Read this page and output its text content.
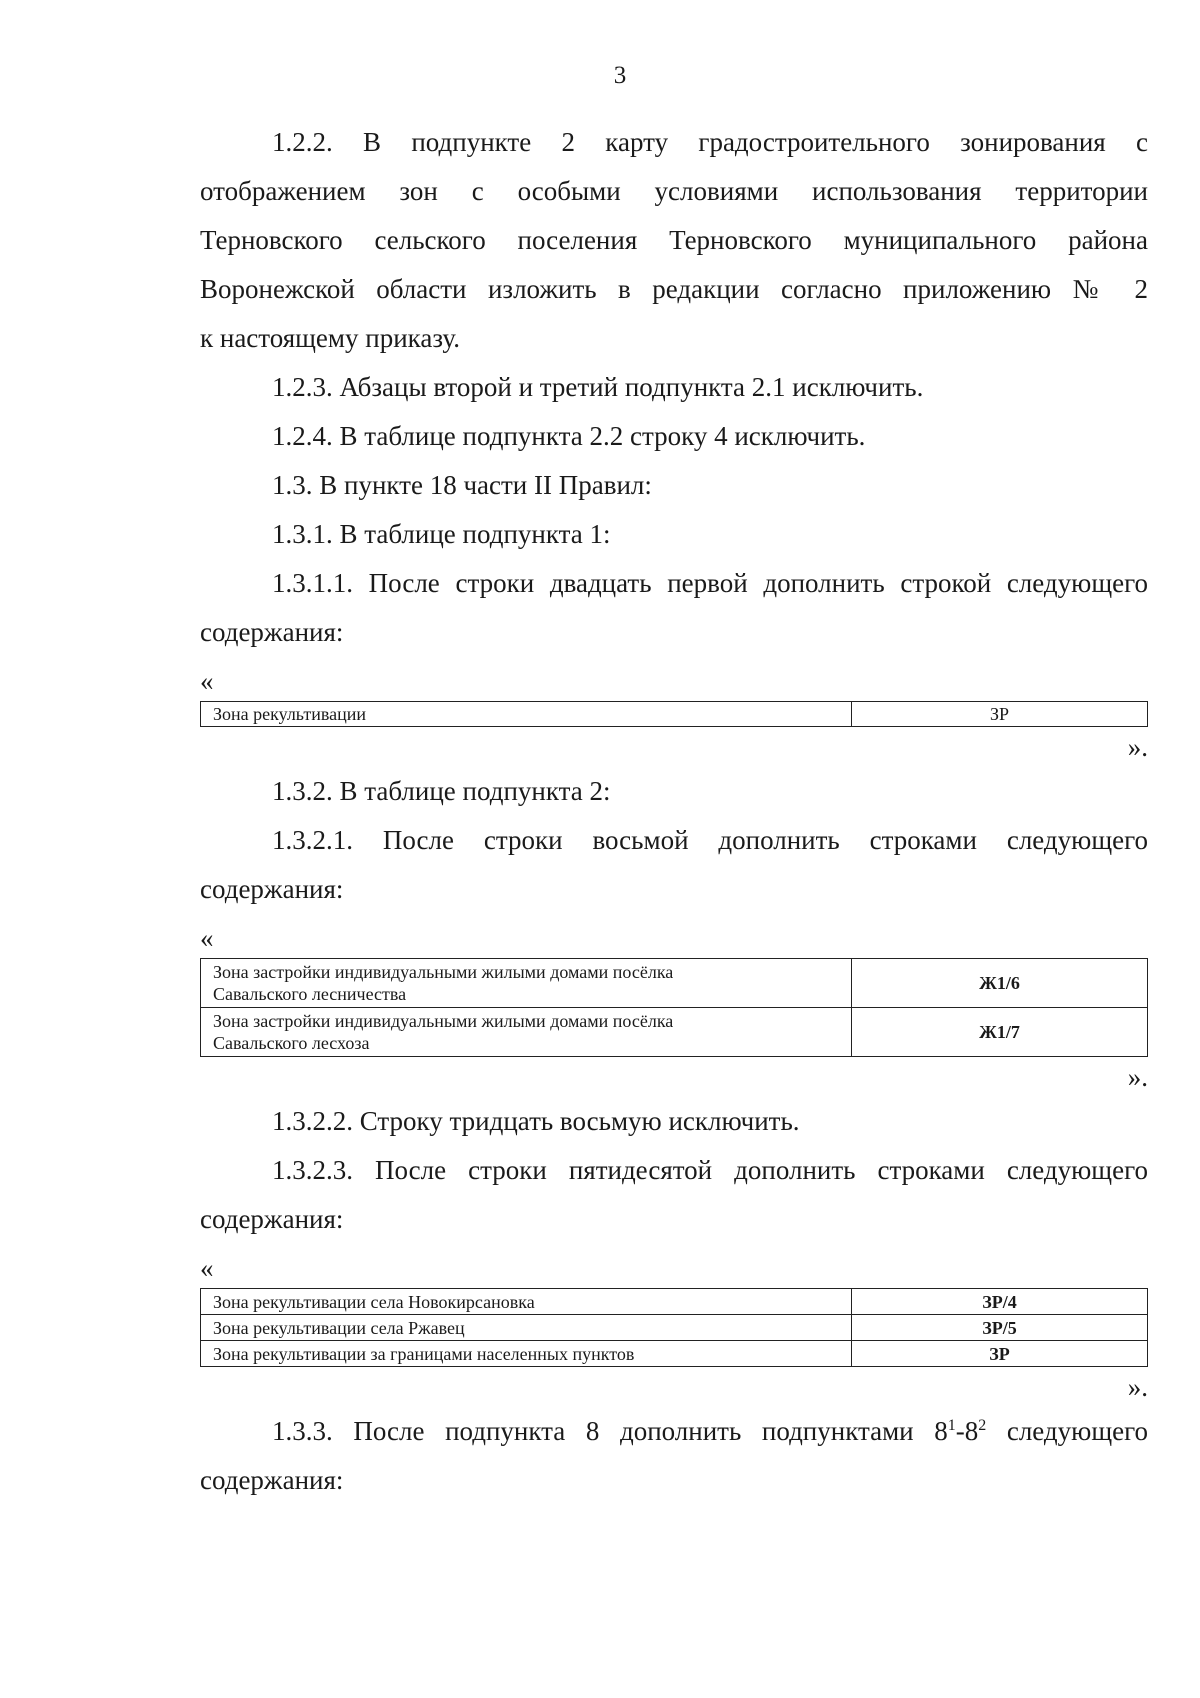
3

1.2.2. В подпункте 2 карту градостроительного зонирования с

отображением зон с особыми условиями использования территории

Терновского сельского поселения Терновского муниципального района

Воронежской области изложить в редакции согласно приложению № 2

к настоящему приказу.

1.2.3. Абзацы второй и третий подпункта 2.1 исключить.

1.2.4. В таблице подпункта 2.2 строку 4 исключить.

1.3. В пункте 18 части II Правил:

1.3.1. В таблице подпункта 1:

1.3.1.1. После строки двадцать первой дополнить строкой следующего

содержания:

«

Зона рекультивации	ЗР

».

1.3.2. В таблице подпункта 2:

1.3.2.1. После строки восьмой дополнить строками следующего

содержания:

«

Зона застройки индивидуальными жилыми домами посёлка
Савальского лесничества	Ж1/6
Зона застройки индивидуальными жилыми домами посёлка
Савальского лесхоза	Ж1/7

».

1.3.2.2. Строку тридцать восьмую исключить.

1.3.2.3. После строки пятидесятой дополнить строками следующего

содержания:

«

Зона рекультивации села Новокирсановка	ЗР/4
Зона рекультивации села Ржавец	ЗР/5
Зона рекультивации за границами населенных пунктов	ЗР

».

1.3.3. После подпункта 8 дополнить подпунктами $8^1-8^2$ следующего

содержания:
